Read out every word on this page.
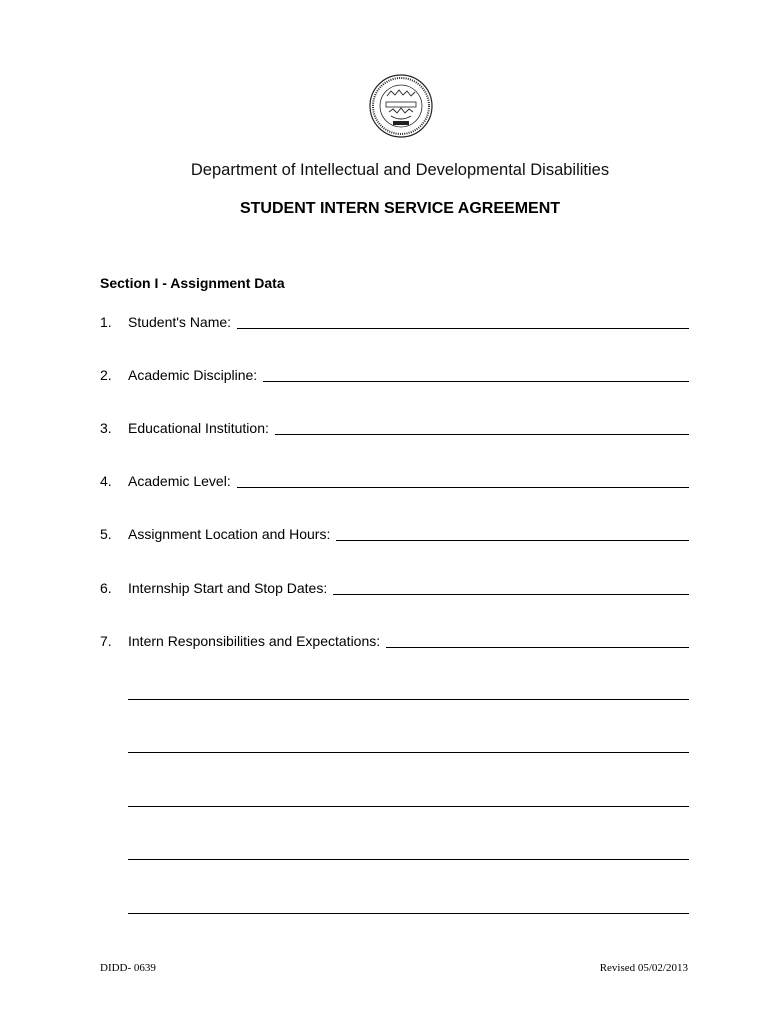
Department of Intellectual and Developmental Disabilities
STUDENT INTERN SERVICE AGREEMENT
Section I - Assignment Data
1.	Student's Name:
2.	Academic Discipline:
3.	Educational Institution:
4.	Academic Level:
5.	Assignment Location and Hours:
6.	Internship Start and Stop Dates:
7.	Intern Responsibilities and Expectations:
DIDD- 0639	Revised 05/02/2013
